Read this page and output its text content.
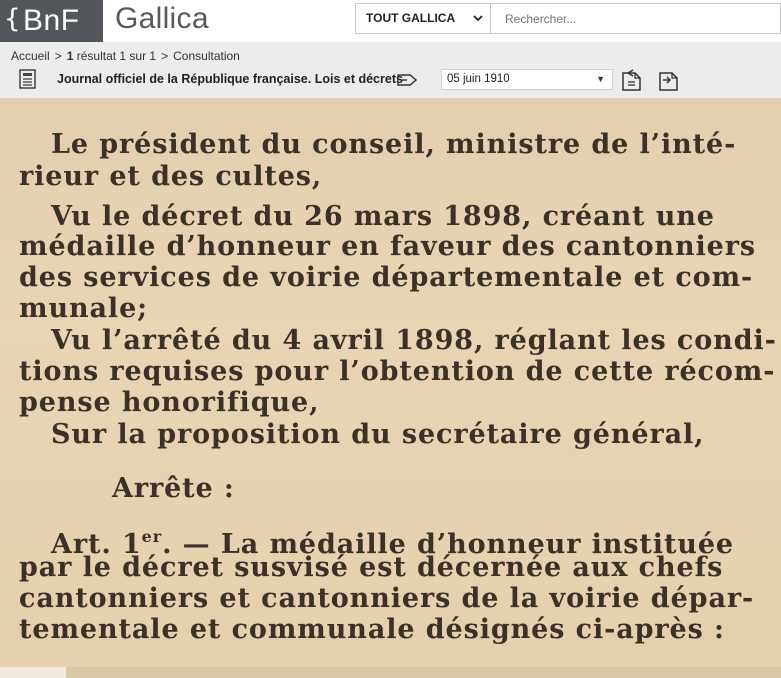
{BnF	Gallica	TOUT GALLICA
Rechercher...
Accueil > 1 résultat 1 sur 1 > Consultation
Journal officiel de la République française. Lois et décrets	05 juin 1910	▼
Le président du conseil, ministre de l’inté-
rieur et des cultes,
Vu le décret du 26 mars 1898, créant une
médaille d’honneur en faveur des cantonniers
des services de voirie départementale et com-
munale;
Vu l’arrêté du 4 avril 1898, réglant les condi-
tions requises pour l’obtention de cette récom-
pense honorifique,
Sur la proposition du secrétaire général,
Arrête :
Art. 1er. — La médaille d’honneur instituée
par le décret susvisé est décernée aux chefs
cantonniers et cantonniers de la voirie dépar-
tementale et communale désignés ci-après :
